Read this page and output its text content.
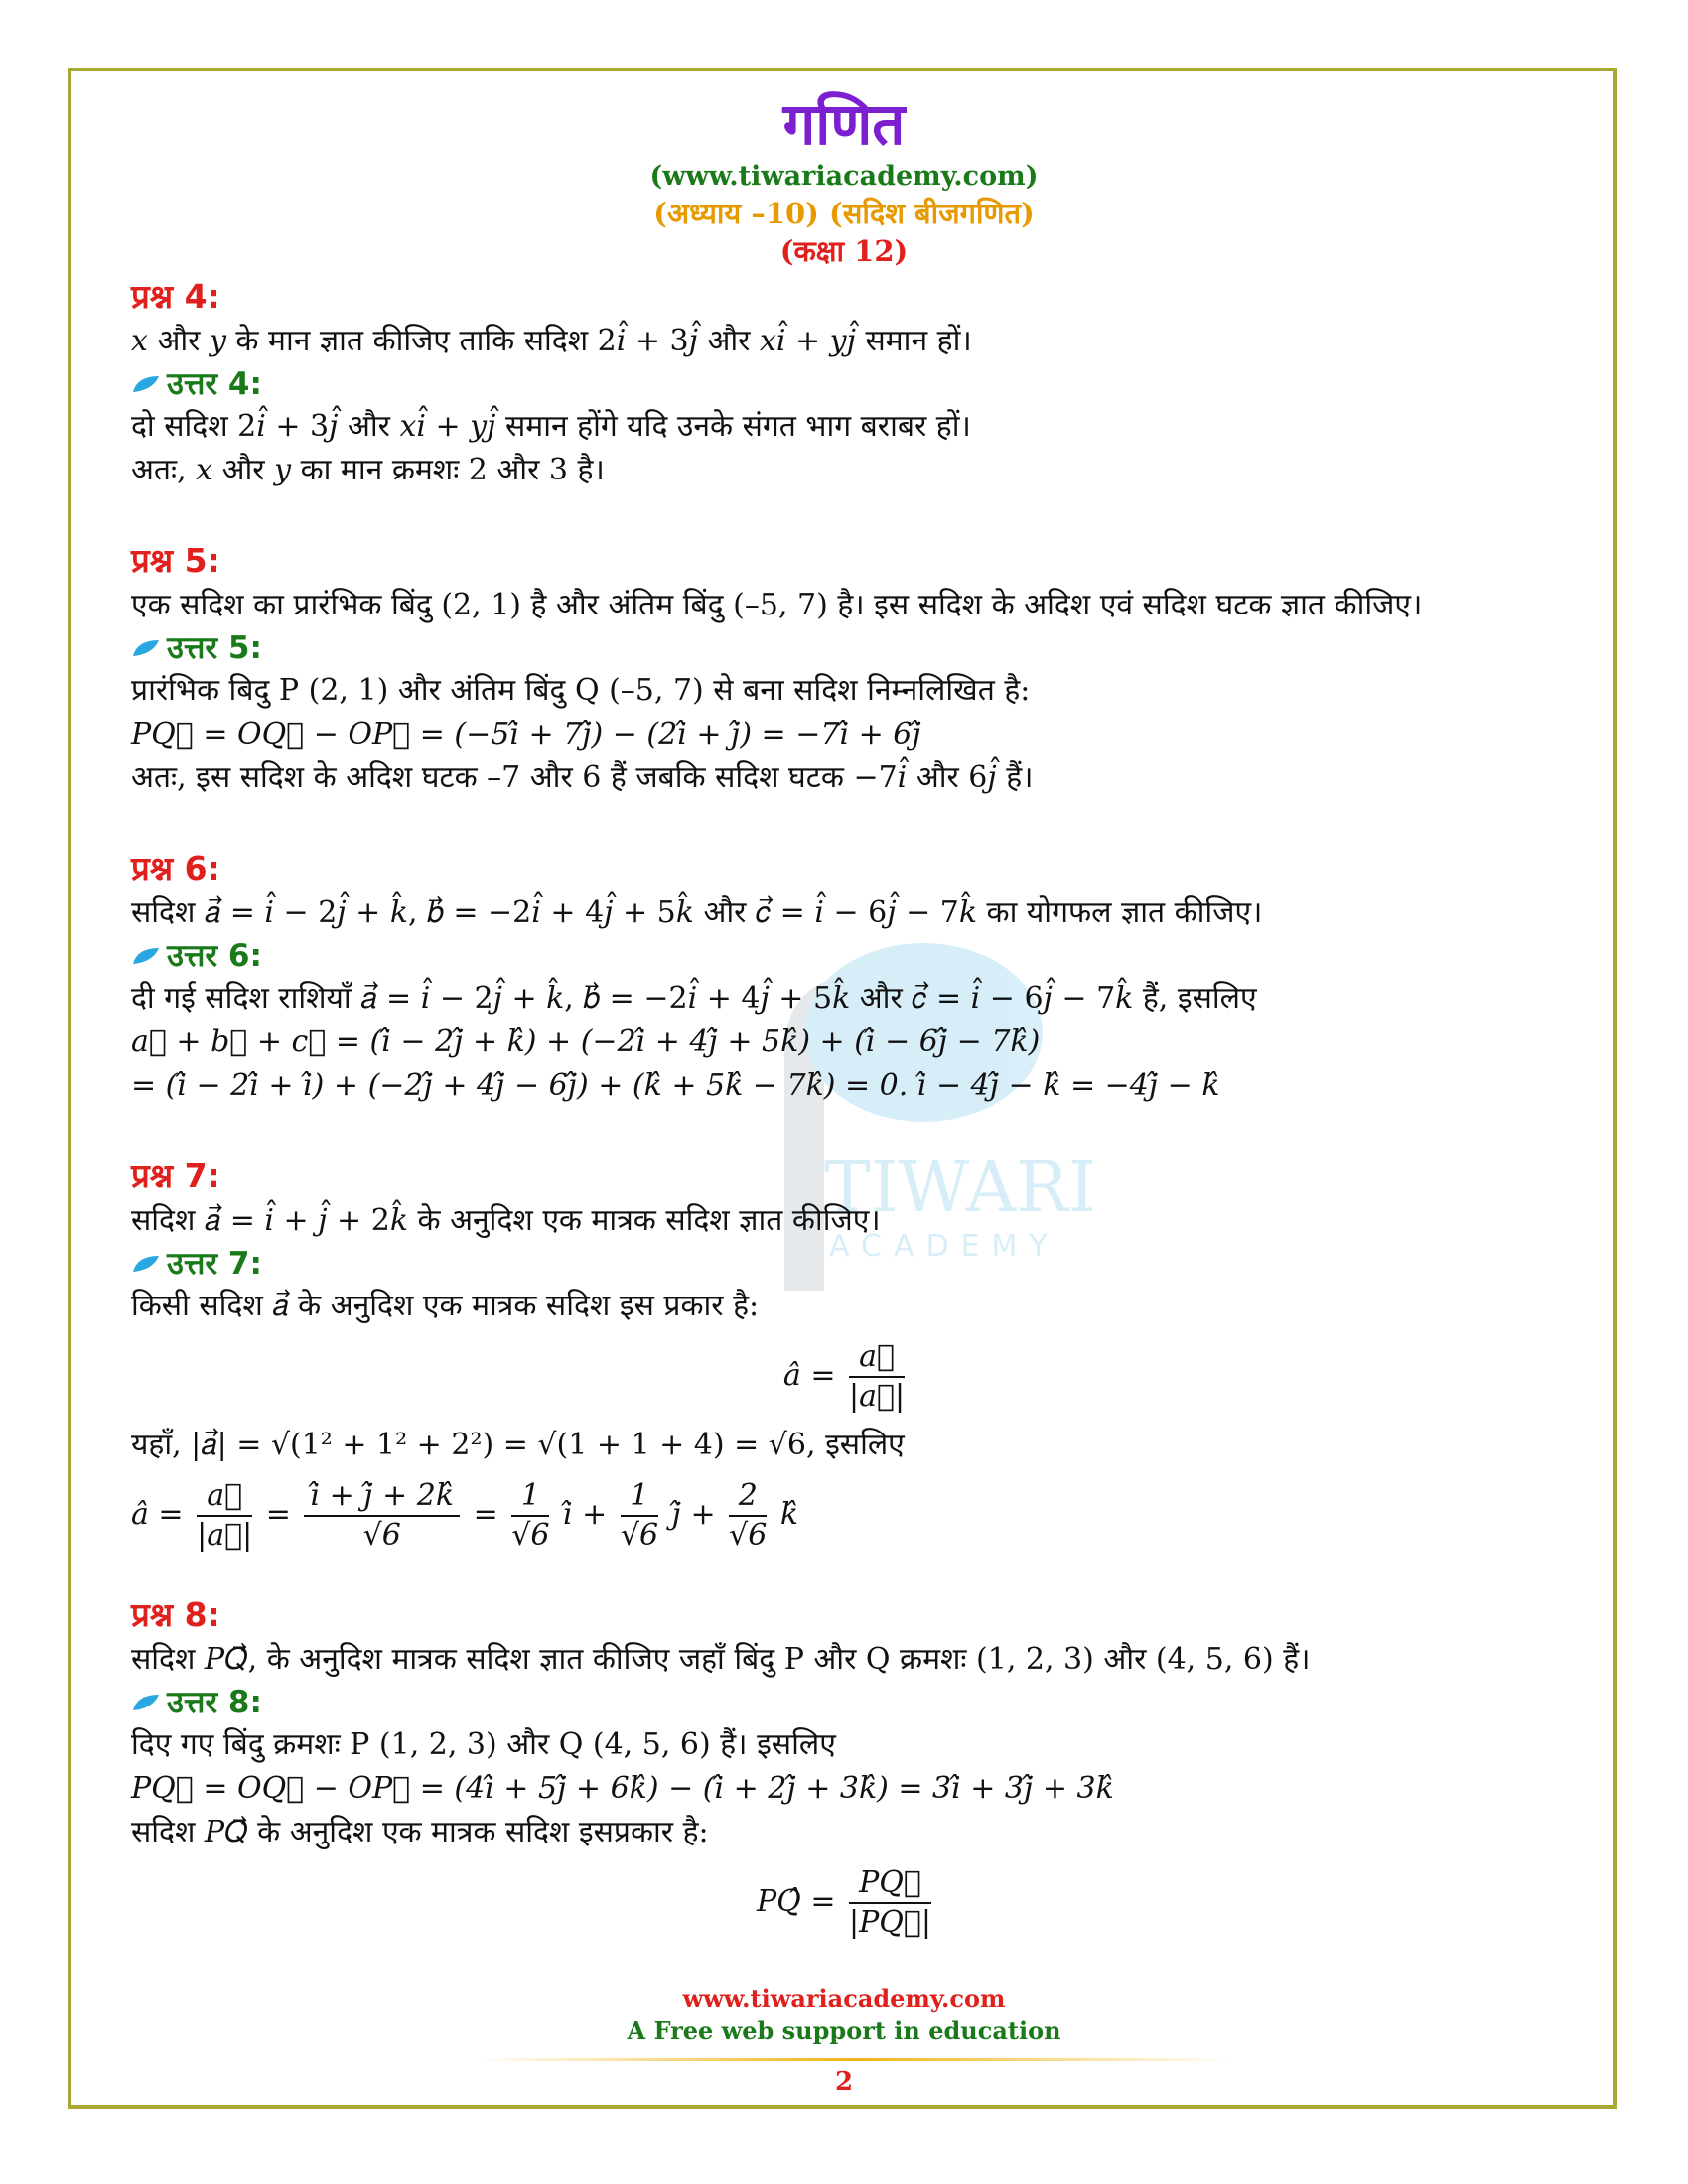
TIWARI
ACADEMY
गणित
(www.tiwariacademy.com)
(अध्याय –10) (सदिश बीजगणित)
(कक्षा 12)
प्रश्न 4:
𝑥 और 𝑦 के मान ज्ञात कीजिए ताकि सदिश 2𝑖̂ + 3𝑗̂ और 𝑥𝑖̂ + 𝑦𝑗̂ समान हों।
उत्तर 4:
दो सदिश 2𝑖̂ + 3𝑗̂ और 𝑥𝑖̂ + 𝑦𝑗̂ समान होंगे यदि उनके संगत भाग बराबर हों।
अतः, 𝑥 और 𝑦 का मान क्रमशः 2 और 3 है।
प्रश्न 5:
एक सदिश का प्रारंभिक बिंदु (2, 1) है और अंतिम बिंदु (–5, 7) है। इस सदिश के अदिश एवं सदिश घटक ज्ञात कीजिए।
उत्तर 5:
प्रारंभिक बिदु P (2, 1) और अंतिम बिंदु Q (–5, 7) से बना सदिश निम्नलिखित है:
𝑃𝑄⃗ = 𝑂𝑄⃗ − 𝑂𝑃⃗ = (−5𝑖̂ + 7𝑗̂) − (2𝑖̂ + 𝑗̂) = −7𝑖̂ + 6𝑗̂
अतः, इस सदिश के अदिश घटक –7 और 6 हैं जबकि सदिश घटक −7𝑖̂ और 6𝑗̂ हैं।
प्रश्न 6:
सदिश 𝑎⃗ = 𝑖̂ − 2𝑗̂ + 𝑘̂, 𝑏⃗ = −2𝑖̂ + 4𝑗̂ + 5𝑘̂ और 𝑐⃗ = 𝑖̂ − 6𝑗̂ − 7𝑘̂ का योगफल ज्ञात कीजिए।
उत्तर 6:
दी गई सदिश राशियाँ 𝑎⃗ = 𝑖̂ − 2𝑗̂ + 𝑘̂, 𝑏⃗ = −2𝑖̂ + 4𝑗̂ + 5𝑘̂ और 𝑐⃗ = 𝑖̂ − 6𝑗̂ − 7𝑘̂ हैं, इसलिए
𝑎⃗ + 𝑏⃗ + 𝑐⃗ = (𝑖̂ − 2𝑗̂ + 𝑘̂) + (−2𝑖̂ + 4𝑗̂ + 5𝑘̂) + (𝑖̂ − 6𝑗̂ − 7𝑘̂)
= (𝑖̂ − 2𝑖̂ + 𝑖̂) + (−2𝑗̂ + 4𝑗̂ − 6𝑗̂) + (𝑘̂ + 5𝑘̂ − 7𝑘̂) = 0. 𝑖̂ − 4𝑗̂ − 𝑘̂ = −4𝑗̂ − 𝑘̂
प्रश्न 7:
सदिश 𝑎⃗ = 𝑖̂ + 𝑗̂ + 2𝑘̂ के अनुदिश एक मात्रक सदिश ज्ञात कीजिए।
उत्तर 7:
किसी सदिश 𝑎⃗ के अनुदिश एक मात्रक सदिश इस प्रकार है:
𝑎̂ = $\frac{\text{𝑎⃗}}{\text{|𝑎⃗|}}$
यहाँ, |𝑎⃗| = √(1² + 1² + 2²) = √(1 + 1 + 4) = √6, इसलिए
𝑎̂ = $\frac{\text{𝑎⃗}}{\text{|𝑎⃗|}} = \frac{\text{𝑖̂ + 𝑗̂ + 2𝑘̂}}{√6} = \frac{1}{√6}$ 𝑖̂ + $\frac{1}{√6}$ 𝑗̂ + $\frac{2}{√6}$ 𝑘̂
प्रश्न 8:
सदिश 𝑃𝑄⃗, के अनुदिश मात्रक सदिश ज्ञात कीजिए जहाँ बिंदु P और Q क्रमशः (1, 2, 3) और (4, 5, 6) हैं।
उत्तर 8:
दिए गए बिंदु क्रमशः P (1, 2, 3) और Q (4, 5, 6) हैं। इसलिए
𝑃𝑄⃗ = 𝑂𝑄⃗ − 𝑂𝑃⃗ = (4𝑖̂ + 5𝑗̂ + 6𝑘̂) − (𝑖̂ + 2𝑗̂ + 3𝑘̂) = 3𝑖̂ + 3𝑗̂ + 3𝑘̂
सदिश 𝑃𝑄⃗ के अनुदिश एक मात्रक सदिश इसप्रकार है:
𝑃𝑄̂ = $\frac{\text{𝑃𝑄⃗}}{\text{|𝑃𝑄⃗|}}$
www.tiwariacademy.com
A Free web support in education
2
